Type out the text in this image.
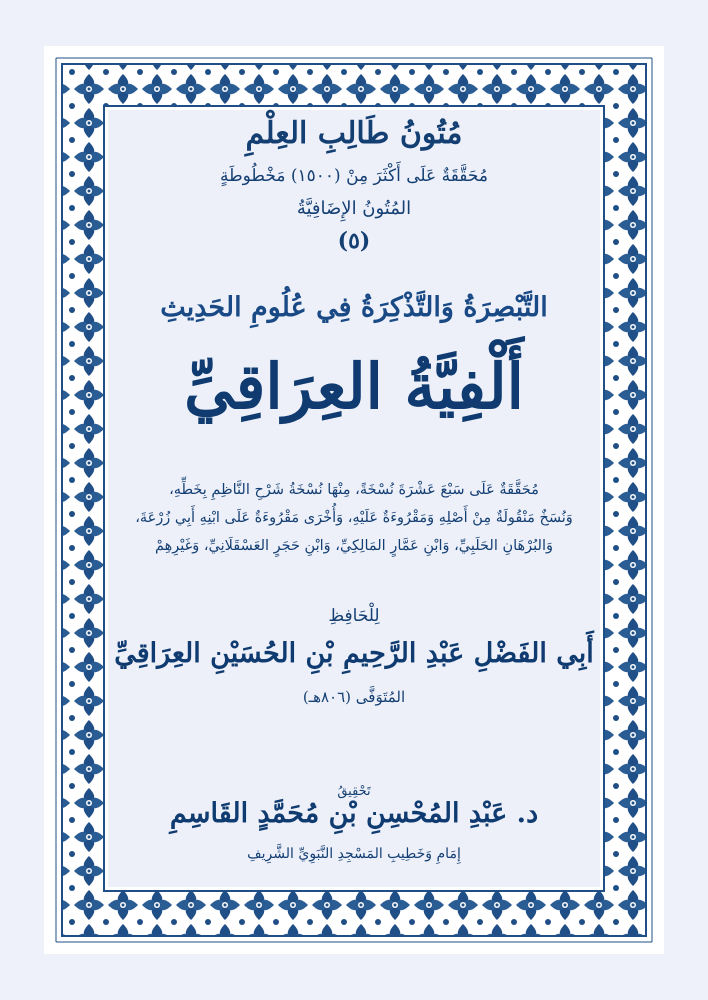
مُتُونُ طَالِبِ العِلْمِ
مُحَقَّقَةٌ عَلَى أَكْثَرَ مِنْ (١٥٠٠) مَخْطُوطَةٍ
المُتُونُ الإِضَافِيَّةُ
(٥)
التَّبْصِرَةُ وَالتَّذْكِرَةُ فِي عُلُومِ الحَدِيثِ
أَلْفِيَّةُ العِرَاقِيِّ
مُحَقَّقَةٌ عَلَى سَبْعَ عَشْرَةَ نُسْخَةً، مِنْهَا نُسْخَةُ شَرْحِ النَّاظِمِ بِخَطِّهِ،
وَنُسَخٌ مَنْقُولَةٌ مِنْ أَصْلِهِ وَمَقْرُوءَةٌ عَلَيْهِ، وَأُخْرَى مَقْرُوءَةٌ عَلَى ابْنِهِ أَبِي زُرْعَةَ،
وَالبُرْهَانِ الحَلَبِيِّ، وَابْنِ عَمَّارٍ المَالِكِيِّ، وَابْنِ حَجَرٍ العَسْقَلَانِيِّ، وَغَيْرِهِمْ
لِلْحَافِظِ
أَبِي الفَضْلِ عَبْدِ الرَّحِيمِ بْنِ الحُسَيْنِ العِرَاقِيِّ
المُتَوَفَّى (٨٠٦هـ)
تَحْقِيقُ
د. عَبْدِ المُحْسِنِ بْنِ مُحَمَّدٍ القَاسِمِ
إِمَامِ وَخَطِيبِ المَسْجِدِ النَّبَوِيِّ الشَّرِيفِ
